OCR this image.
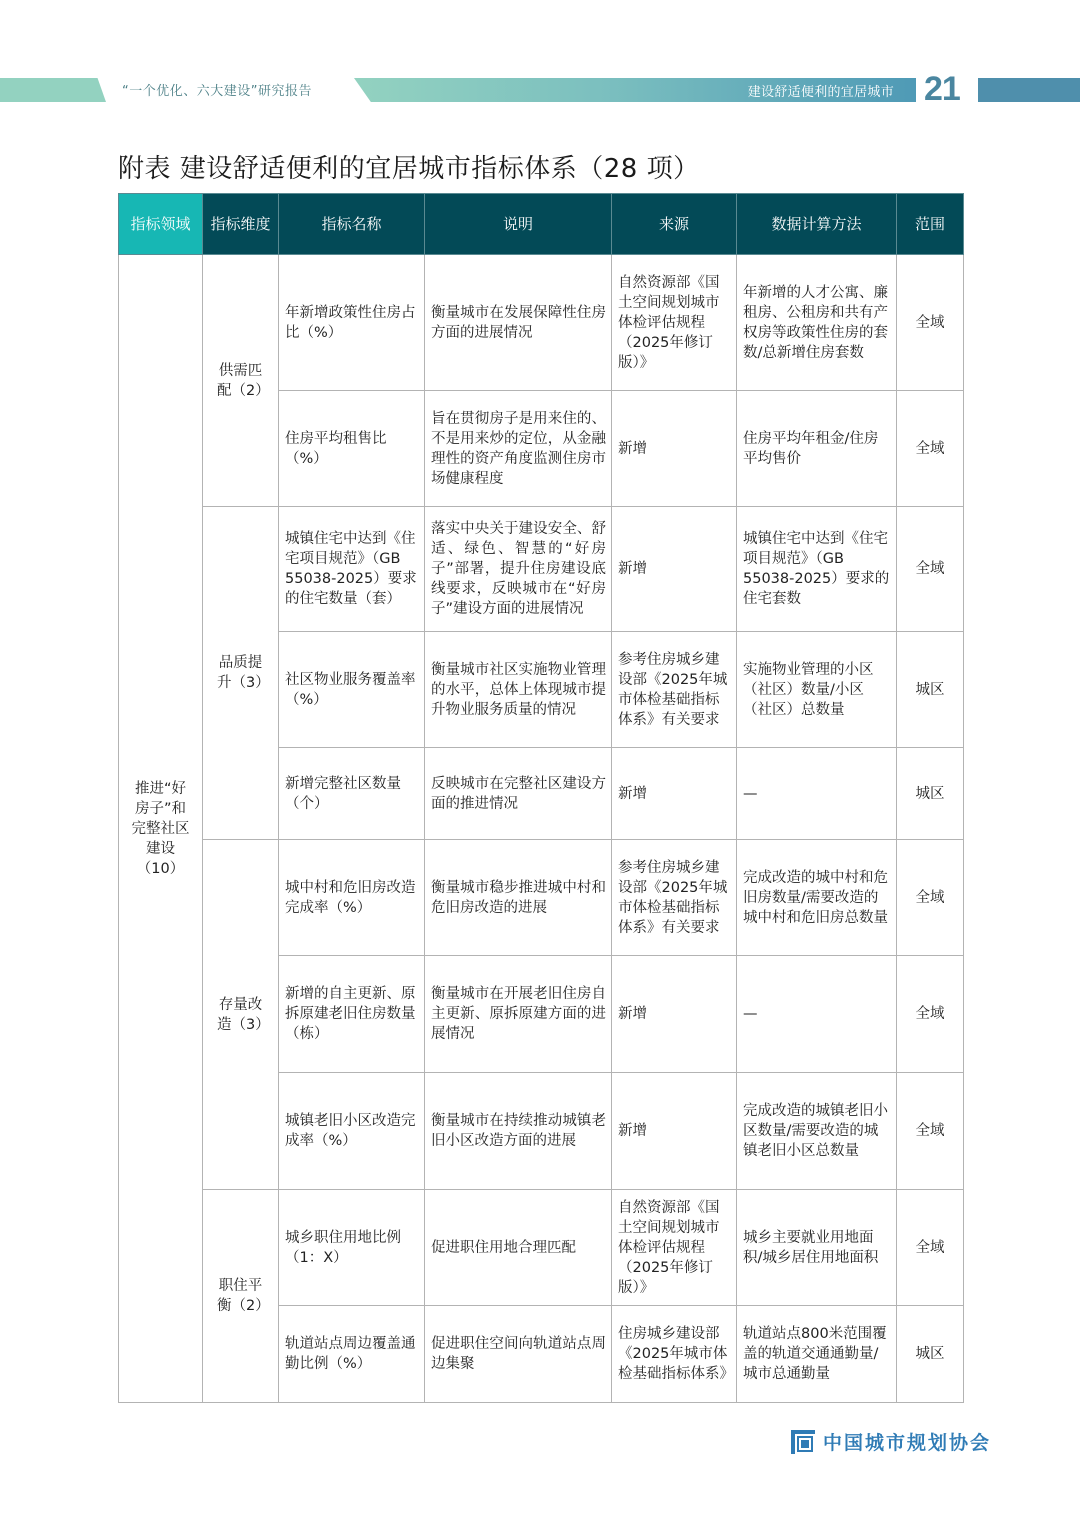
“一个优化、六大建设”研究报告	建设舒适便利的宜居城市 21
附表 建设舒适便利的宜居城市指标体系（28 项）
指标领域	指标维度	指标名称	说明	来源	数据计算方法	范围
推进“好房子”和完整社区建设（10）	供需匹配（2）	年新增政策性住房占比（%）	衡量城市在发展保障性住房方面的进展情况	自然资源部《国土空间规划城市体检评估规程（2025年修订版）》	年新增的人才公寓、廉租房、公租房和共有产权房等政策性住房的套数/总新增住房套数	全域
		住房平均租售比（%）	旨在贯彻房子是用来住的、不是用来炒的定位，从金融理性的资产角度监测住房市场健康程度	新增	住房平均年租金/住房平均售价	全域
	品质提升（3）	城镇住宅中达到《住宅项目规范》（GB 55038-2025）要求的住宅数量（套）	落实中央关于建设安全、舒适、绿色、智慧的“好房子”部署，提升住房建设底线要求，反映城市在“好房子”建设方面的进展情况	新增	城镇住宅中达到《住宅项目规范》（GB 55038-2025）要求的住宅套数	全域
		社区物业服务覆盖率（%）	衡量城市社区实施物业管理的水平，总体上体现城市提升物业服务质量的情况	参考住房城乡建设部《2025年城市体检基础指标体系》有关要求	实施物业管理的小区（社区）数量/小区（社区）总数量	城区
		新增完整社区数量（个）	反映城市在完整社区建设方面的推进情况	新增	—	城区
	存量改造（3）	城中村和危旧房改造完成率（%）	衡量城市稳步推进城中村和危旧房改造的进展	参考住房城乡建设部《2025年城市体检基础指标体系》有关要求	完成改造的城中村和危旧房数量/需要改造的城中村和危旧房总数量	全域
		新增的自主更新、原拆原建老旧住房数量（栋）	衡量城市在开展老旧住房自主更新、原拆原建方面的进展情况	新增	—	全域
		城镇老旧小区改造完成率（%）	衡量城市在持续推动城镇老旧小区改造方面的进展	新增	完成改造的城镇老旧小区数量/需要改造的城镇老旧小区总数量	全域
	职住平衡（2）	城乡职住用地比例（1：X）	促进职住用地合理匹配	自然资源部《国土空间规划城市体检评估规程（2025年修订版）》	城乡主要就业用地面积/城乡居住用地面积	全域
		轨道站点周边覆盖通勤比例（%）	促进职住空间向轨道站点周边集聚	住房城乡建设部《2025年城市体检基础指标体系》	轨道站点800米范围覆盖的轨道交通通勤量/城市总通勤量	城区
中国城市规划协会
